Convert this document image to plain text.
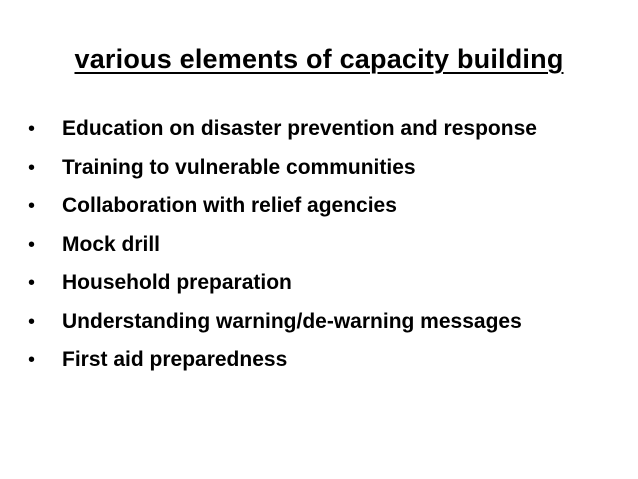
various elements of capacity building
•	Education on disaster prevention and response
•	Training to vulnerable communities
•	Collaboration with relief agencies
•	Mock drill
•	Household preparation
•	Understanding warning/de-warning messages
•	First aid preparedness
